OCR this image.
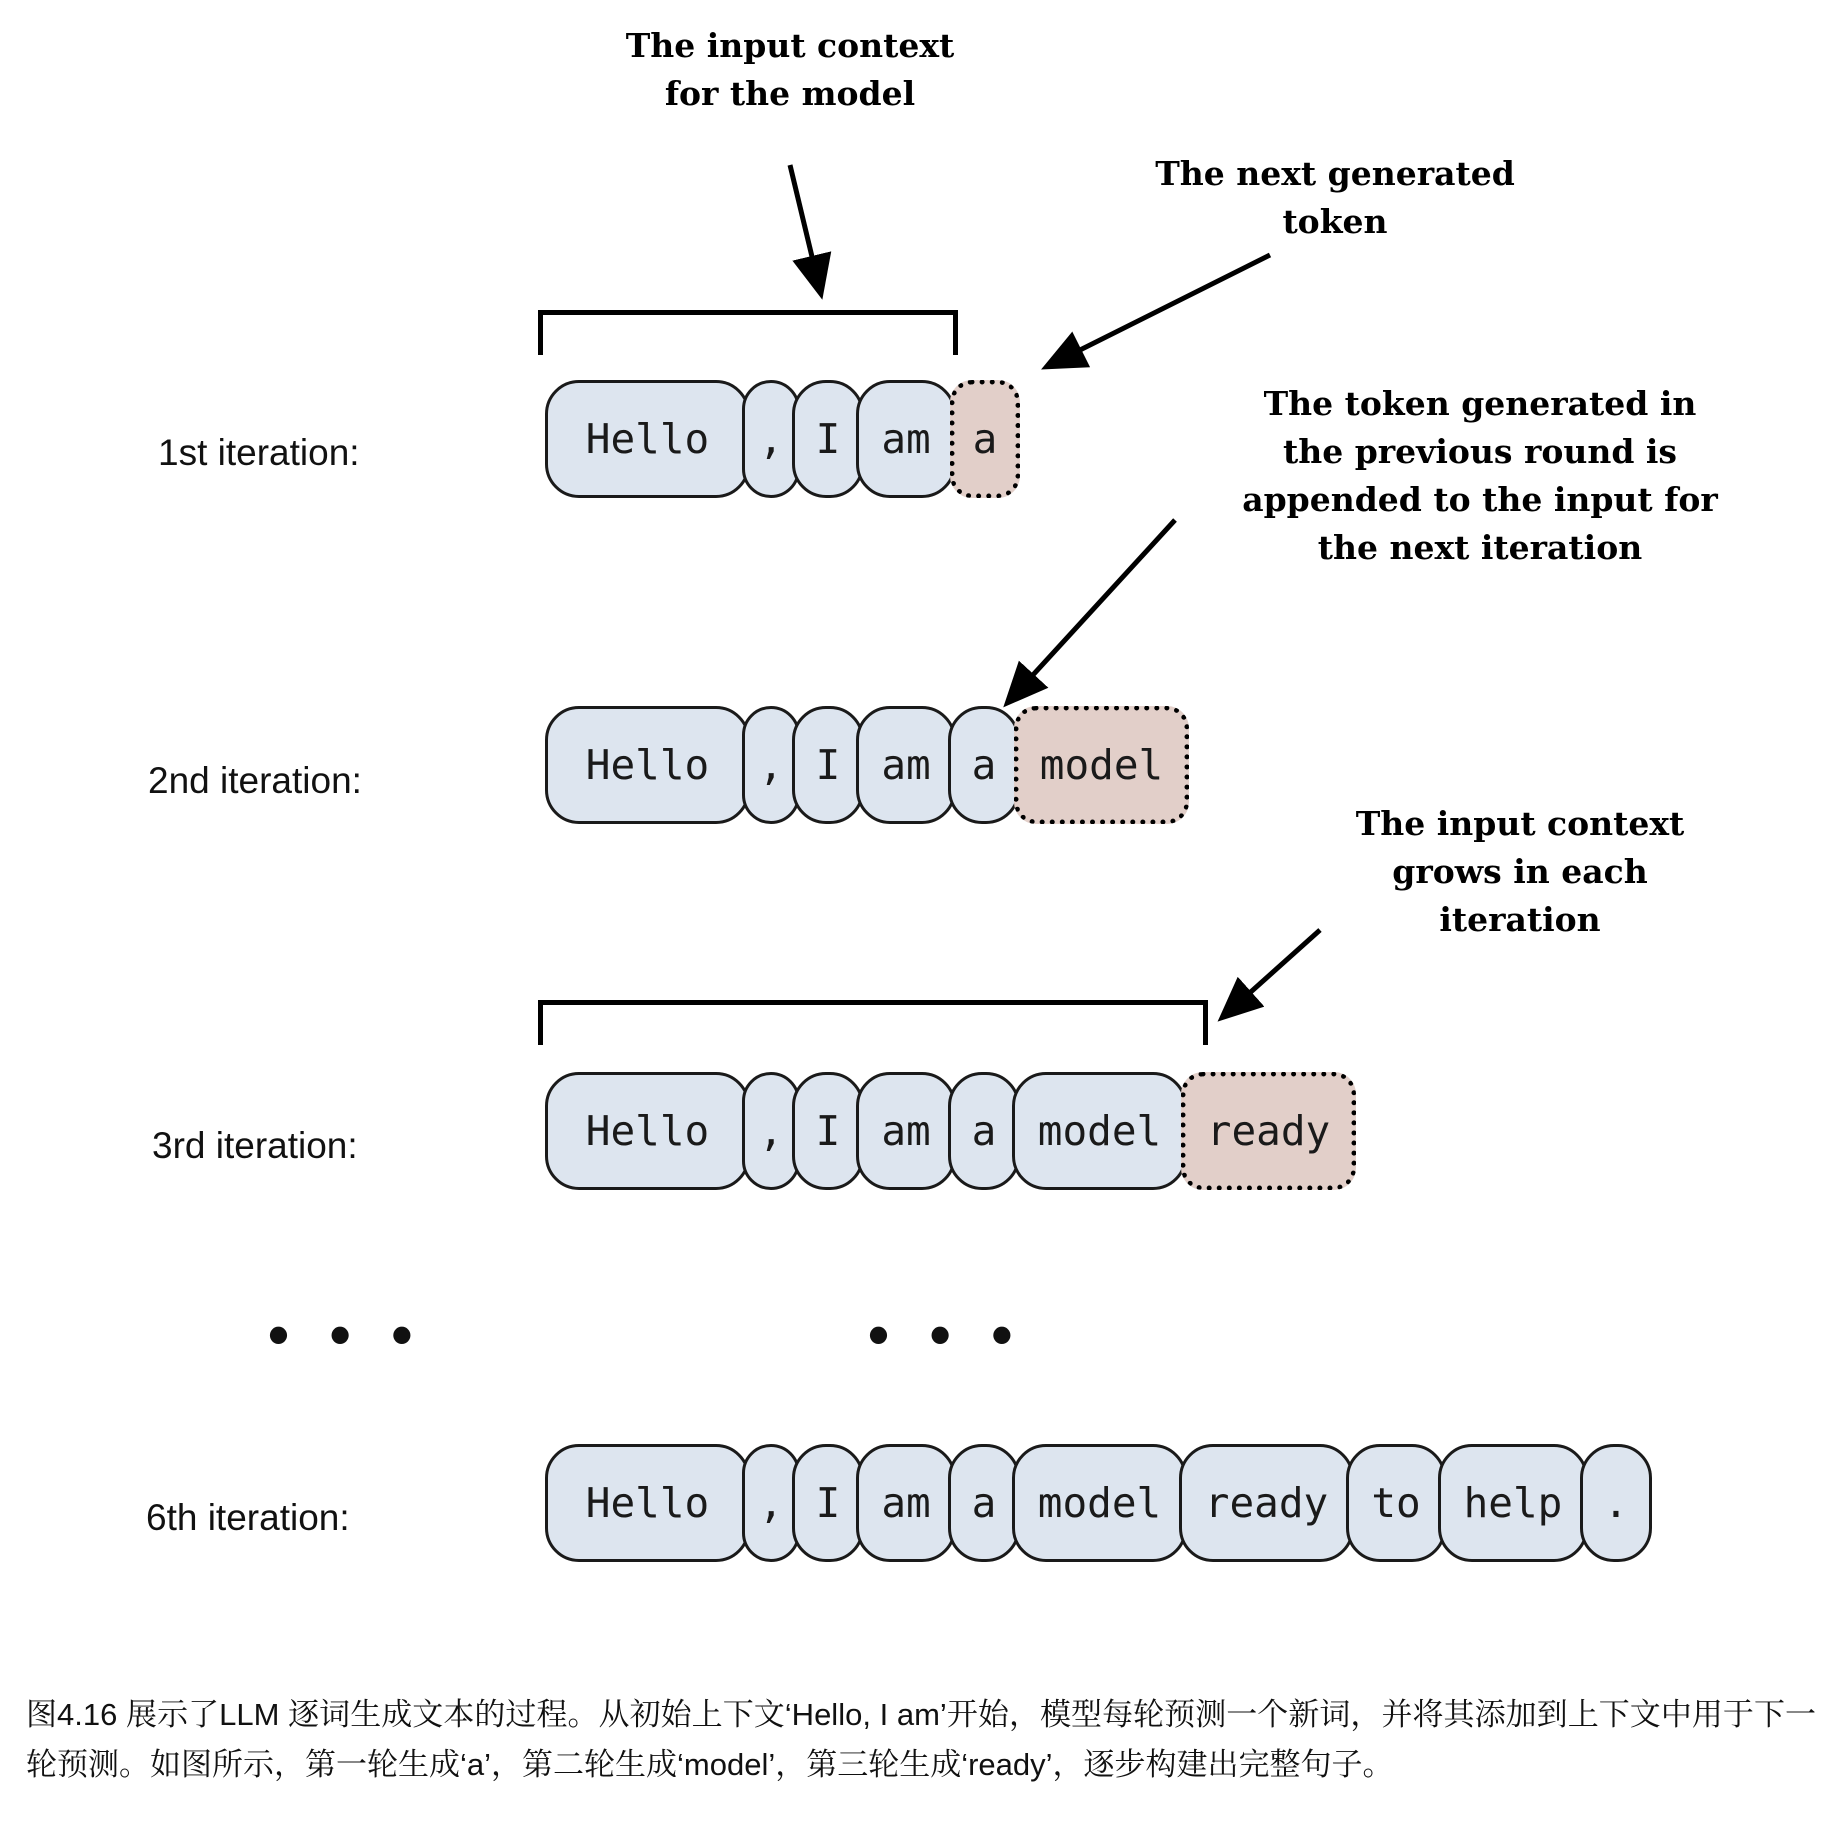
The input context
for the model
The next generated
token
The token generated in
the previous round is
appended to the input for
the next iteration
The input context
grows in each
iteration
1st iteration:	Hello	, I am	a
2nd iteration:	Hello	, I am a	model
3rd iteration:	Hello	, I am a	model	ready
• • •	• • •
6th iteration:	Hello	, I am a	model	ready	to	help	.
图4.16 展示了LLM 逐词生成文本的过程。从初始上下文‘Hello, I am’开始，模型每轮预测一个新词，并将其添加到上下文中用于下一轮预测。如图所示，第一轮生成‘a’，第二轮生成‘model’，第三轮生成‘ready’，逐步构建出完整句子。
